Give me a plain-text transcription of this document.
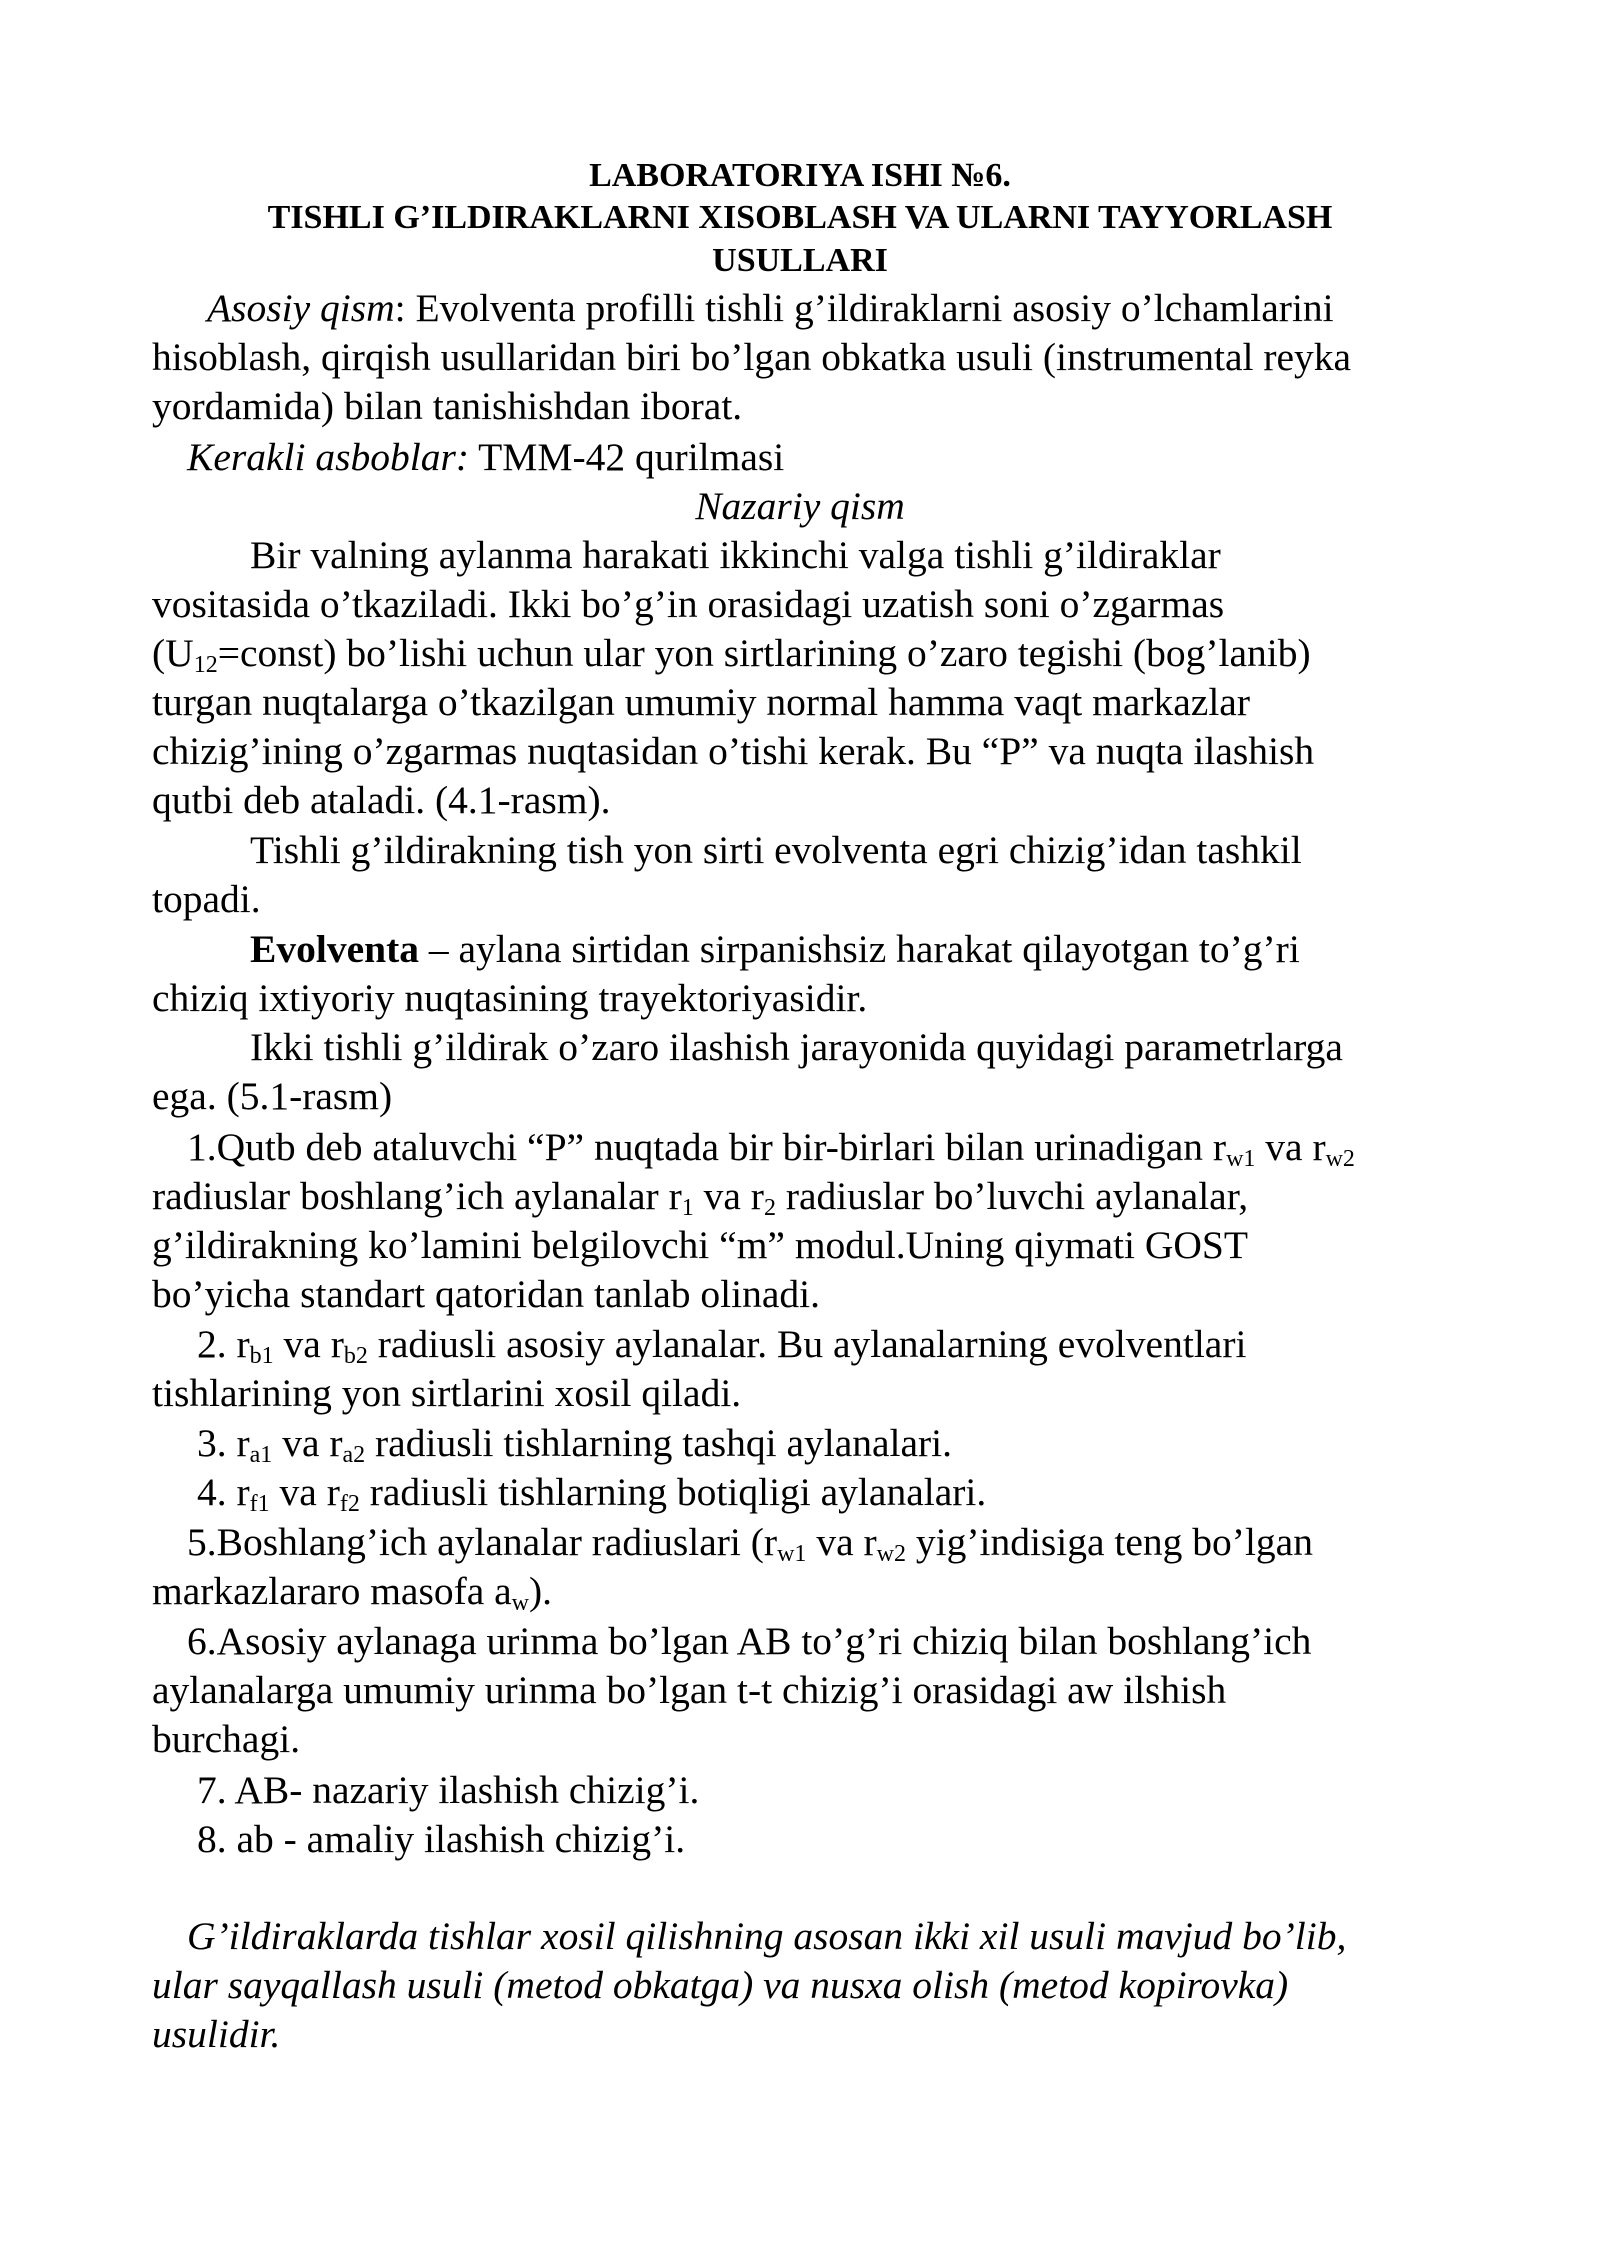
LABORATORIYA ISHI №6.

TISHLI G’ILDIRAKLARNI XISOBLASH VA ULARNI TAYYORLASH

USULLARI

Asosiy qism: Evolventa profilli tishli g’ildiraklarni asosiy o’lchamlarini

hisoblash, qirqish usullaridan biri bo’lgan obkatka usuli (instrumental reyka

yordamida) bilan tanishishdan iborat.

Kerakli asboblar: TMM-42 qurilmasi

Nazariy qism

Bir valning aylanma harakati ikkinchi valga tishli g’ildiraklar

vositasida o’tkaziladi. Ikki bo’g’in orasidagi uzatish soni o’zgarmas

$(U_{12}=const)$ bo’lishi uchun ular yon sirtlarining o’zaro tegishi (bog’lanib)

turgan nuqtalarga o’tkazilgan umumiy normal hamma vaqt markazlar

chizig’ining o’zgarmas nuqtasidan o’tishi kerak. Bu “P” va nuqta ilashish

qutbi deb ataladi. (4.1-rasm).

Tishli g’ildirakning tish yon sirti evolventa egri chizig’idan tashkil

topadi.

Evolventa – aylana sirtidan sirpanishsiz harakat qilayotgan to’g’ri

chiziq ixtiyoriy nuqtasining trayektoriyasidir.

Ikki tishli g’ildirak o’zaro ilashish jarayonida quyidagi parametrlarga

ega. (5.1-rasm)

1.Qutb deb ataluvchi “P” nuqtada bir bir-birlari bilan urinadigan $r_{w1}$ va $r_{w2}$

radiuslar boshlang’ich aylanalar $r_1$ va $r_2$ radiuslar bo’luvchi aylanalar,

g’ildirakning ko’lamini belgilovchi “m” modul.Uning qiymati GOST

bo’yicha standart qatoridan tanlab olinadi.

2. $r_{b1}$ va $r_{b2}$ radiusli asosiy aylanalar. Bu aylanalarning evolventlari

tishlarining yon sirtlarini xosil qiladi.

3. $r_{a1}$ va $r_{a2}$ radiusli tishlarning tashqi aylanalari.

4. $r_{f1}$ va $r_{f2}$ radiusli tishlarning botiqligi aylanalari.

5.Boshlang’ich aylanalar radiuslari ($r_{w1}$ va $r_{w2}$ yig’indisiga teng bo’lgan

markazlararo masofa $a_w$).

6.Asosiy aylanaga urinma bo’lgan AB to’g’ri chiziq bilan boshlang’ich

aylanalarga umumiy urinma bo’lgan t-t chizig’i orasidagi aw ilshish

burchagi.

7. AB- nazariy ilashish chizig’i.

8. ab - amaliy ilashish chizig’i.

G’ildiraklarda tishlar xosil qilishning asosan ikki xil usuli mavjud bo’lib,

ular sayqallash usuli (metod obkatga) va nusxa olish (metod kopirovka)

usulidir.
